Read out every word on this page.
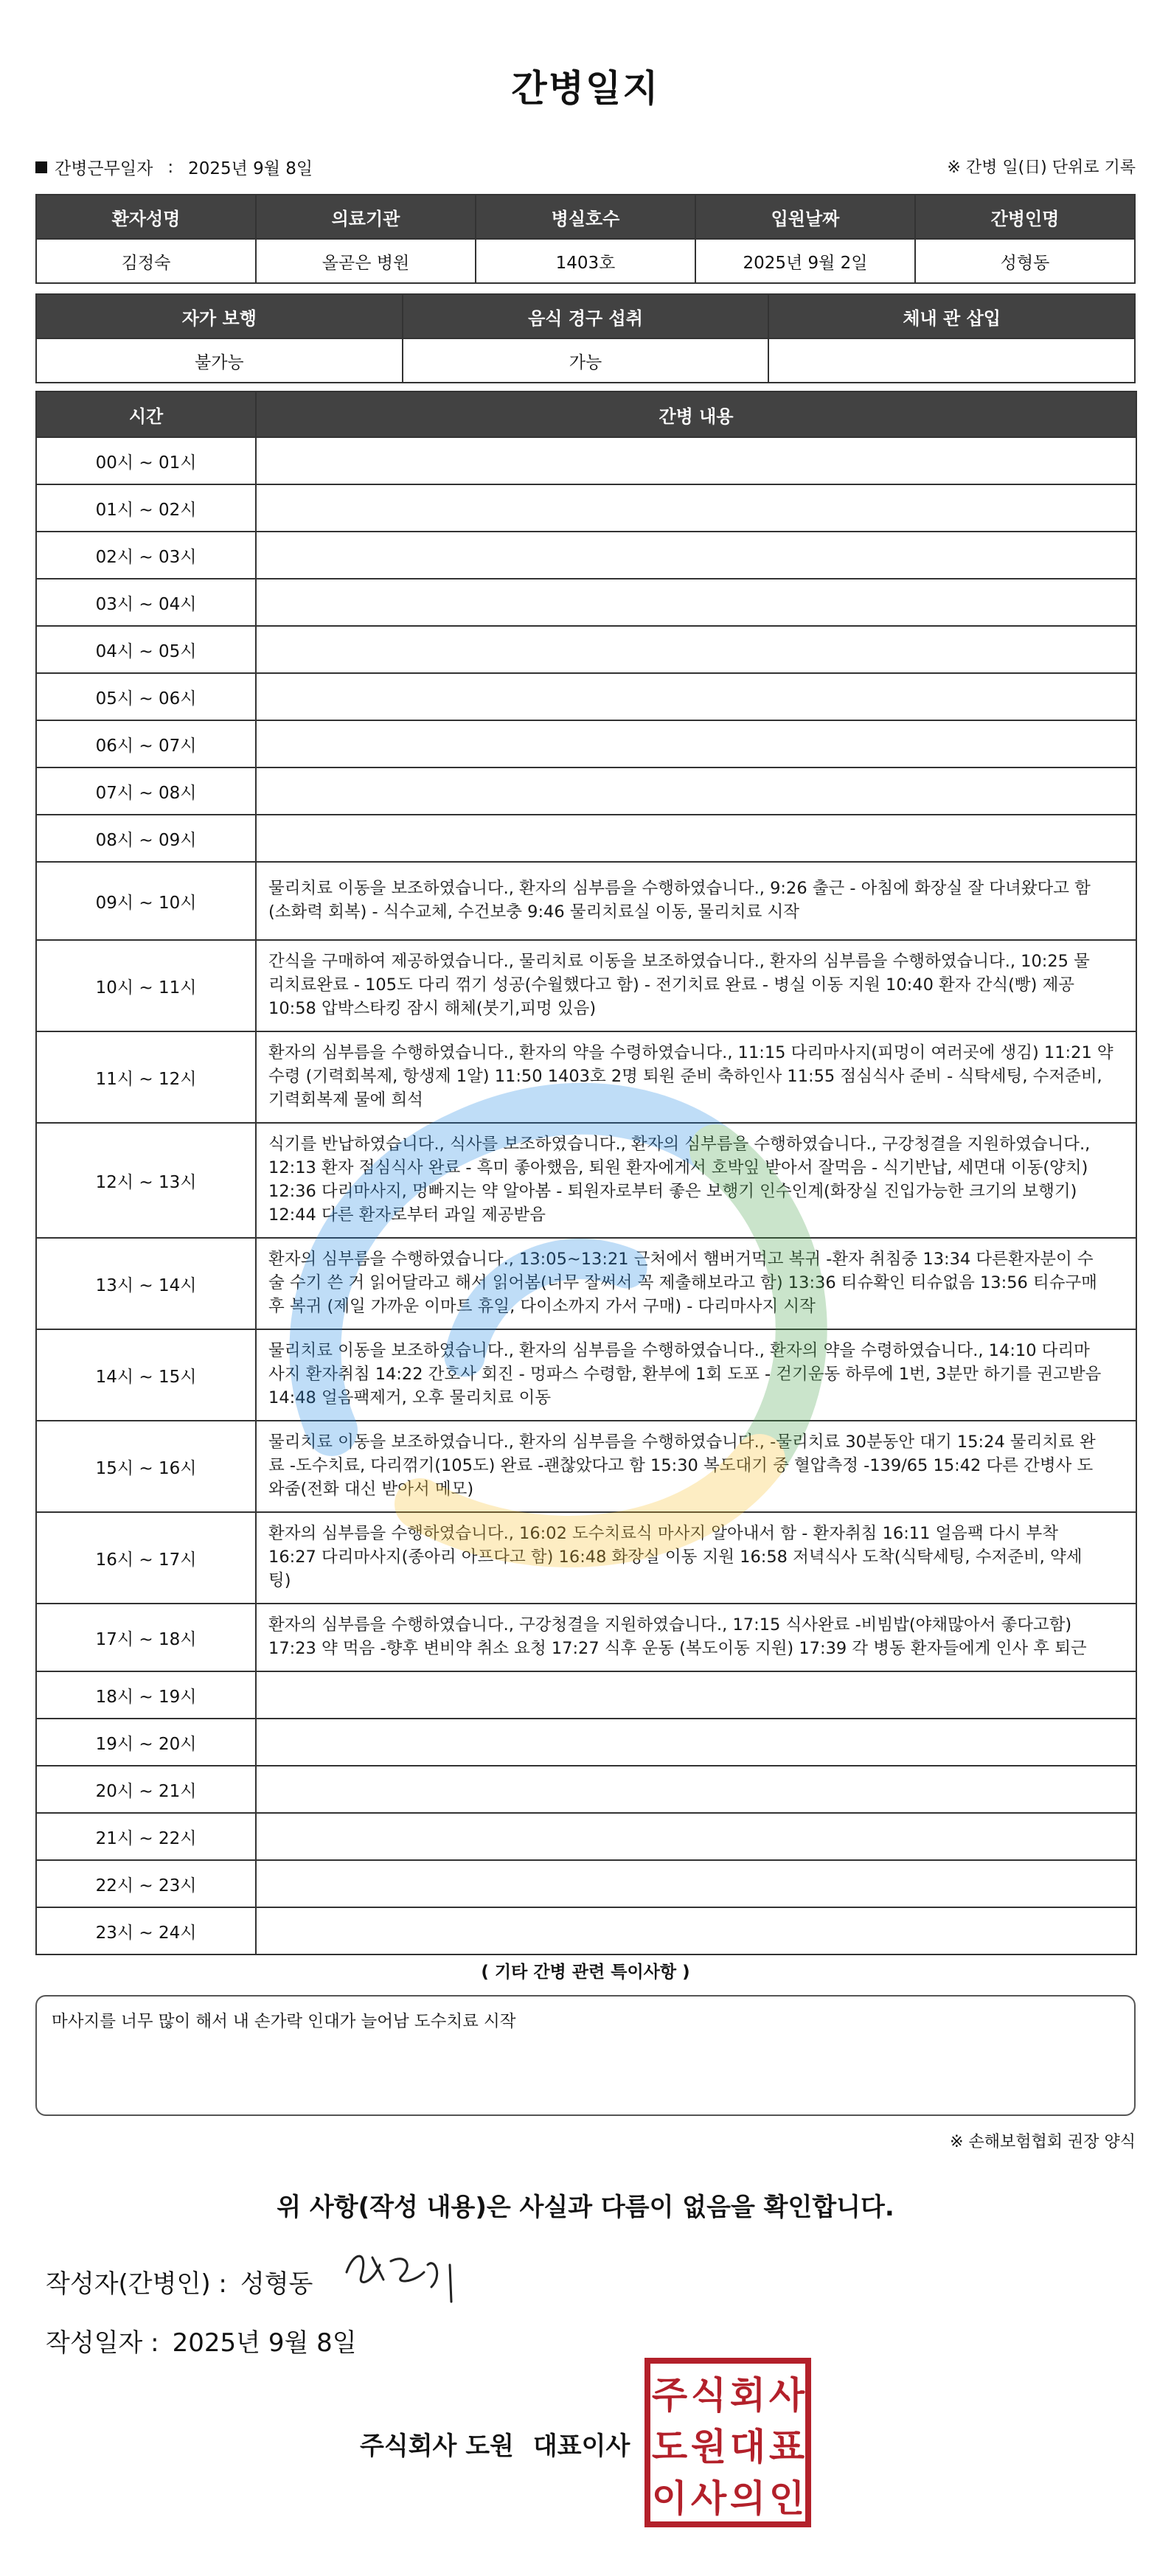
간병일지
간병근무일자 : 2025년 9월 8일	※ 간병 일(日) 단위로 기록
환자성명	의료기관	병실호수	입원날짜	간병인명
김정숙	올곧은 병원	1403호	2025년 9월 2일	성형동
자가 보행	음식 경구 섭취	체내 관 삽입
불가능	가능	
시간	간병 내용
00시 ~ 01시	

01시 ~ 02시	

02시 ~ 03시	

03시 ~ 04시	

04시 ~ 05시	

05시 ~ 06시	

06시 ~ 07시	

07시 ~ 08시	

08시 ~ 09시	

09시 ~ 10시	물리치료 이동을 보조하였습니다., 환자의 심부름을 수행하였습니다., 9:26 출근 - 아침에 화장실 잘 다녀왔다고 함
(소화력 회복) - 식수교체, 수건보충 9:46 물리치료실 이동, 물리치료 시작

10시 ~ 11시	간식을 구매하여 제공하였습니다., 물리치료 이동을 보조하였습니다., 환자의 심부름을 수행하였습니다., 10:25 물
리치료완료 - 105도 다리 꺾기 성공(수월했다고 함) - 전기치료 완료 - 병실 이동 지원 10:40 환자 간식(빵) 제공
10:58 압박스타킹 잠시 해체(붓기,피멍 있음)

11시 ~ 12시	환자의 심부름을 수행하였습니다., 환자의 약을 수령하였습니다., 11:15 다리마사지(피멍이 여러곳에 생김) 11:21 약
수령 (기력회복제, 항생제 1알) 11:50 1403호 2명 퇴원 준비 축하인사 11:55 점심식사 준비 - 식탁세팅, 수저준비,
기력회복제 물에 희석

12시 ~ 13시	식기를 반납하였습니다., 식사를 보조하였습니다., 환자의 심부름을 수행하였습니다., 구강청결을 지원하였습니다.,
12:13 환자 점심식사 완료 - 흑미 좋아했음, 퇴원 환자에게서 호박잎 받아서 잘먹음 - 식기반납, 세면대 이동(양치)
12:36 다리마사지, 멍빠지는 약 알아봄 - 퇴원자로부터 좋은 보행기 인수인계(화장실 진입가능한 크기의 보행기)
12:44 다른 환자로부터 과일 제공받음

13시 ~ 14시	환자의 심부름을 수행하였습니다., 13:05~13:21 근처에서 햄버거먹고 복귀 -환자 취침중 13:34 다른환자분이 수
술 수기 쓴 거 읽어달라고 해서 읽어봄(너무 잘써서 꼭 제출해보라고 함) 13:36 티슈확인 티슈없음 13:56 티슈구매
후 복귀 (제일 가까운 이마트 휴일, 다이소까지 가서 구매) - 다리마사지 시작

14시 ~ 15시	물리치료 이동을 보조하였습니다., 환자의 심부름을 수행하였습니다., 환자의 약을 수령하였습니다., 14:10 다리마
사지 환자취침 14:22 간호사 회진 - 멍파스 수령함, 환부에 1회 도포 - 걷기운동 하루에 1번, 3분만 하기를 권고받음
14:48 얼음팩제거, 오후 물리치료 이동

15시 ~ 16시	물리치료 이동을 보조하였습니다., 환자의 심부름을 수행하였습니다., -물리치료 30분동안 대기 15:24 물리치료 완
료 -도수치료, 다리꺾기(105도) 완료 -괜찮았다고 함 15:30 복도대기 중 혈압측정 -139/65 15:42 다른 간병사 도
와줌(전화 대신 받아서 메모)

16시 ~ 17시	환자의 심부름을 수행하였습니다., 16:02 도수치료식 마사지 알아내서 함 - 환자취침 16:11 얼음팩 다시 부착
16:27 다리마사지(종아리 아프다고 함) 16:48 화장실 이동 지원 16:58 저녁식사 도착(식탁세팅, 수저준비, 약세
팅)

17시 ~ 18시	환자의 심부름을 수행하였습니다., 구강청결을 지원하였습니다., 17:15 식사완료 -비빔밥(야채많아서 좋다고함)
17:23 약 먹음 -향후 변비약 취소 요청 17:27 식후 운동 (복도이동 지원) 17:39 각 병동 환자들에게 인사 후 퇴근

18시 ~ 19시	

19시 ~ 20시	

20시 ~ 21시	

21시 ~ 22시	

22시 ~ 23시	

23시 ~ 24시	
( 기타 간병 관련 특이사항 )
마사지를 너무 많이 해서 내 손가락 인대가 늘어남 도수치료 시작
※ 손해보험협회 권장 양식
위 사항(작성 내용)은 사실과 다름이 없음을 확인합니다.
작성자(간병인) : 성형동
작성일자 : 2025년 9월 8일
주식회사 도원 대표이사
주 식 회 사
도 원 대 표
이 사 의 인
